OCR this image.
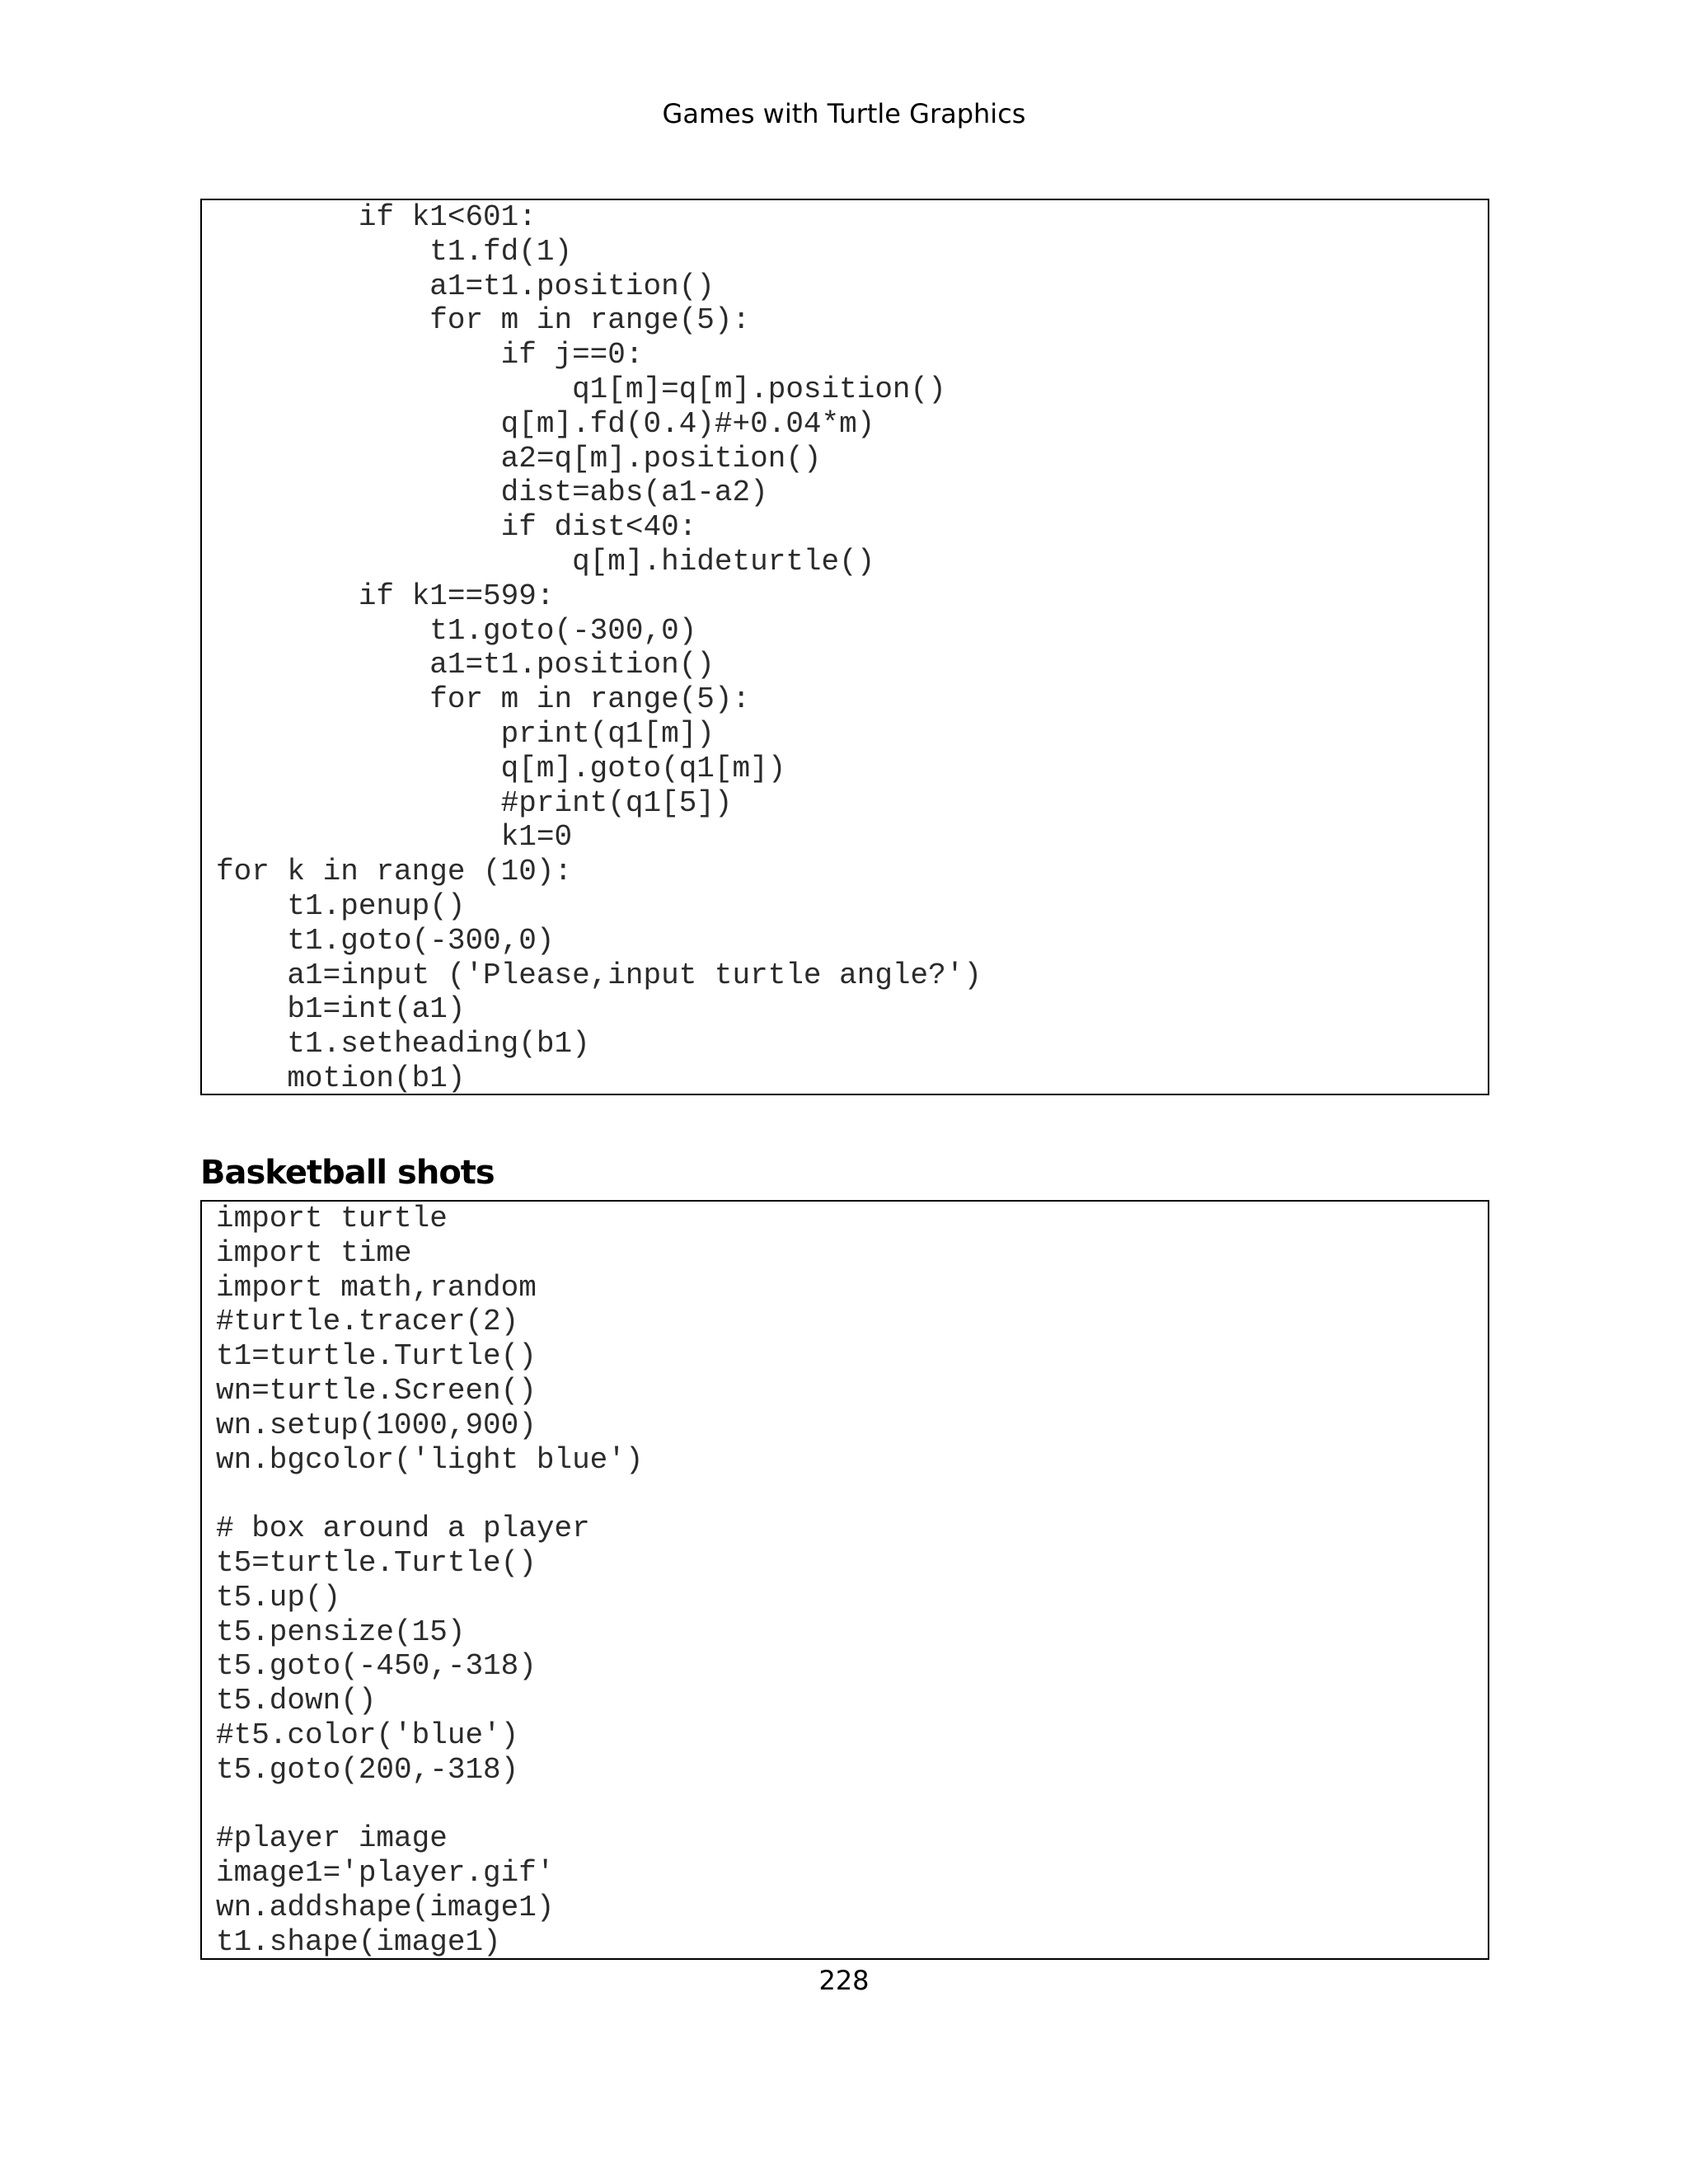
Games with Turtle Graphics
if k1<601:
t1.fd(1)
a1=t1.position()
for m in range(5):
if j==0:
q1[m]=q[m].position()
q[m].fd(0.4)#+0.04*m)
a2=q[m].position()
dist=abs(a1-a2)
if dist<40:
q[m].hideturtle()
if k1==599:
t1.goto(-300,0)
a1=t1.position()
for m in range(5):
print(q1[m])
q[m].goto(q1[m])
#print(q1[5])
k1=0
for k in range (10):
t1.penup()
t1.goto(-300,0)
a1=input ('Please,input turtle angle?')
b1=int(a1)
t1.setheading(b1)
motion(b1)

Basketball shots
import turtle
import time
import math,random
#turtle.tracer(2)
t1=turtle.Turtle()
wn=turtle.Screen()
wn.setup(1000,900)
wn.bgcolor('light blue')

# box around a player
t5=turtle.Turtle()
t5.up()
t5.pensize(15)
t5.goto(-450,-318)
t5.down()
#t5.color('blue')
t5.goto(200,-318)

#player image
image1='player.gif'
wn.addshape(image1)
t1.shape(image1)

228
